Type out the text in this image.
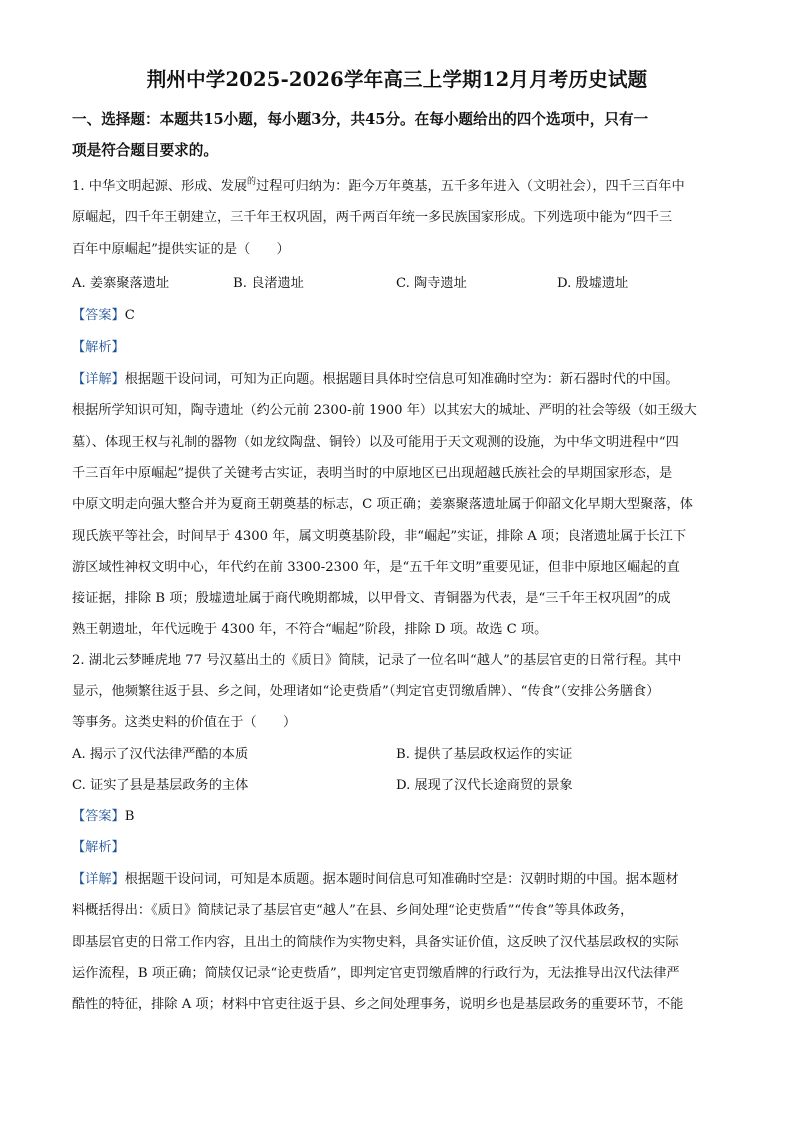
荆州中学2025-2026学年高三上学期12月月考历史试题
一、选择题：本题共15小题，每小题3分，共45分。在每小题给出的四个选项中，只有一
项是符合题目要求的。
1. 中华文明起源、形成、发展$^的$过程可归纳为：距今万年奠基，五千多年进入（文明社会），四千三百年中
原崛起，四千年王朝建立，三千年王权巩固，两千两百年统一多民族国家形成。下列选项中能为“四千三
百年中原崛起”提供实证的是（　　）
A. 姜寨聚落遗址	B. 良渚遗址	C. 陶寺遗址	D. 殷墟遗址
【答案】C
【解析】
【详解】根据题干设问词，可知为正向题。根据题目具体时空信息可知准确时空为：新石器时代的中国。
根据所学知识可知，陶寺遗址（约公元前 2300-前 1900 年）以其宏大的城址、严明的社会等级（如王级大
墓）、体现王权与礼制的器物（如龙纹陶盘、铜铃）以及可能用于天文观测的设施，为中华文明进程中“四
千三百年中原崛起”提供了关键考古实证，表明当时的中原地区已出现超越氏族社会的早期国家形态，是
中原文明走向强大整合并为夏商王朝奠基的标志，C 项正确；姜寨聚落遗址属于仰韶文化早期大型聚落，体
现氏族平等社会，时间早于 4300 年，属文明奠基阶段，非“崛起”实证，排除 A 项；良渚遗址属于长江下
游区域性神权文明中心，年代约在前 3300-2300 年，是“五千年文明”重要见证，但非中原地区崛起的直
接证据，排除 B 项；殷墟遗址属于商代晚期都城，以甲骨文、青铜器为代表，是“三千年王权巩固”的成
熟王朝遗址，年代远晚于 4300 年，不符合“崛起”阶段，排除 D 项。故选 C 项。
2. 湖北云梦睡虎地 77 号汉墓出土的《质日》简牍，记录了一位名叫“越人”的基层官吏的日常行程。其中
显示，他频繁往返于县、乡之间，处理诸如“论吏赀盾”（判定官吏罚缴盾牌）、“传食”（安排公务膳食）
等事务。这类史料的价值在于（　　）
A. 揭示了汉代法律严酷的本质	B. 提供了基层政权运作的实证
C. 证实了县是基层政务的主体	D. 展现了汉代长途商贸的景象
【答案】B
【解析】
【详解】根据题干设问词，可知是本质题。据本题时间信息可知准确时空是：汉朝时期的中国。据本题材
料概括得出：《质日》简牍记录了基层官吏“越人”在县、乡间处理“论吏赀盾”“传食”等具体政务，
即基层官吏的日常工作内容，且出土的简牍作为实物史料，具备实证价值，这反映了汉代基层政权的实际
运作流程，B 项正确；简牍仅记录“论吏赀盾”，即判定官吏罚缴盾牌的行政行为，无法推导出汉代法律严
酷性的特征，排除 A 项；材料中官吏往返于县、乡之间处理事务，说明乡也是基层政务的重要环节，不能
